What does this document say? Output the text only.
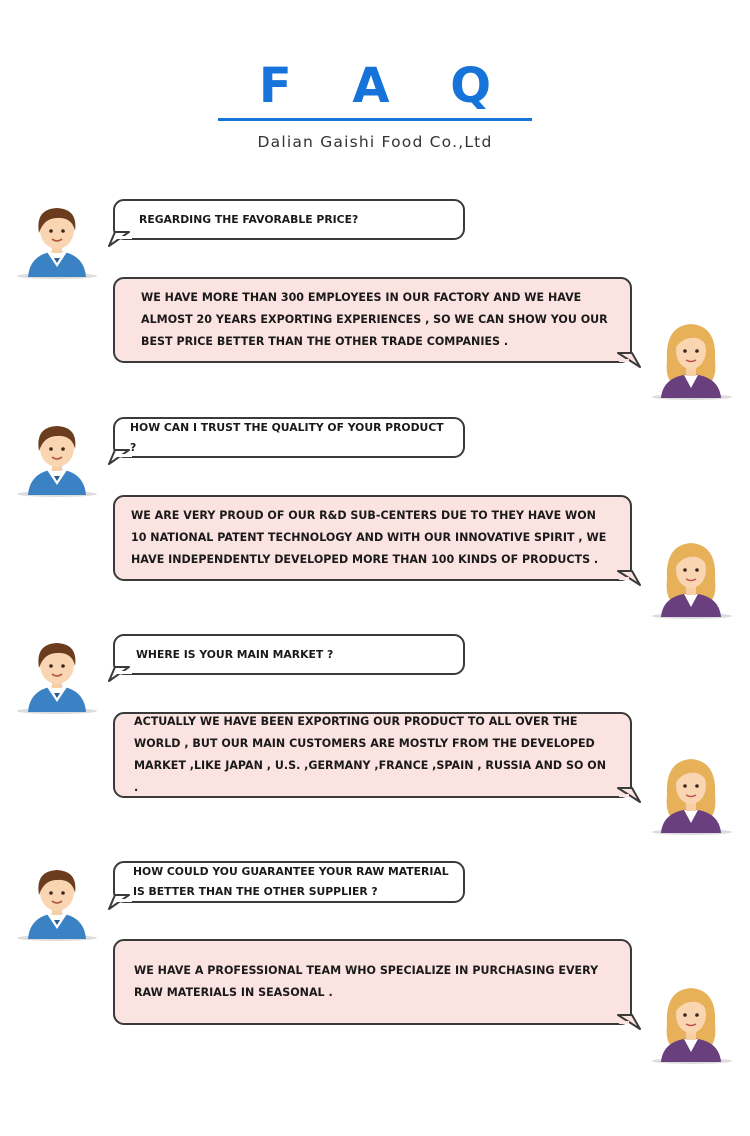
F A Q
Dalian Gaishi Food Co.,Ltd
REGARDING THE FAVORABLE PRICE?
WE HAVE MORE THAN 300 EMPLOYEES IN OUR FACTORY AND WE HAVE ALMOST 20 YEARS EXPORTING EXPERIENCES , SO WE CAN SHOW YOU OUR BEST PRICE BETTER THAN THE OTHER TRADE COMPANIES .
HOW CAN I TRUST THE QUALITY OF YOUR PRODUCT ?
WE ARE VERY PROUD OF OUR R&D SUB-CENTERS DUE TO THEY HAVE WON 10 NATIONAL PATENT TECHNOLOGY AND WITH OUR INNOVATIVE SPIRIT , WE HAVE INDEPENDENTLY DEVELOPED MORE THAN 100 KINDS OF PRODUCTS .
WHERE IS YOUR MAIN MARKET ?
ACTUALLY WE HAVE BEEN EXPORTING OUR PRODUCT TO ALL OVER THE WORLD , BUT OUR MAIN CUSTOMERS ARE MOSTLY FROM THE DEVELOPED MARKET ,LIKE JAPAN , U.S. ,GERMANY ,FRANCE ,SPAIN , RUSSIA AND SO ON .
HOW COULD YOU GUARANTEE YOUR RAW MATERIAL IS BETTER THAN THE OTHER SUPPLIER ?
WE HAVE A PROFESSIONAL TEAM WHO SPECIALIZE IN PURCHASING EVERY RAW MATERIALS IN SEASONAL .
